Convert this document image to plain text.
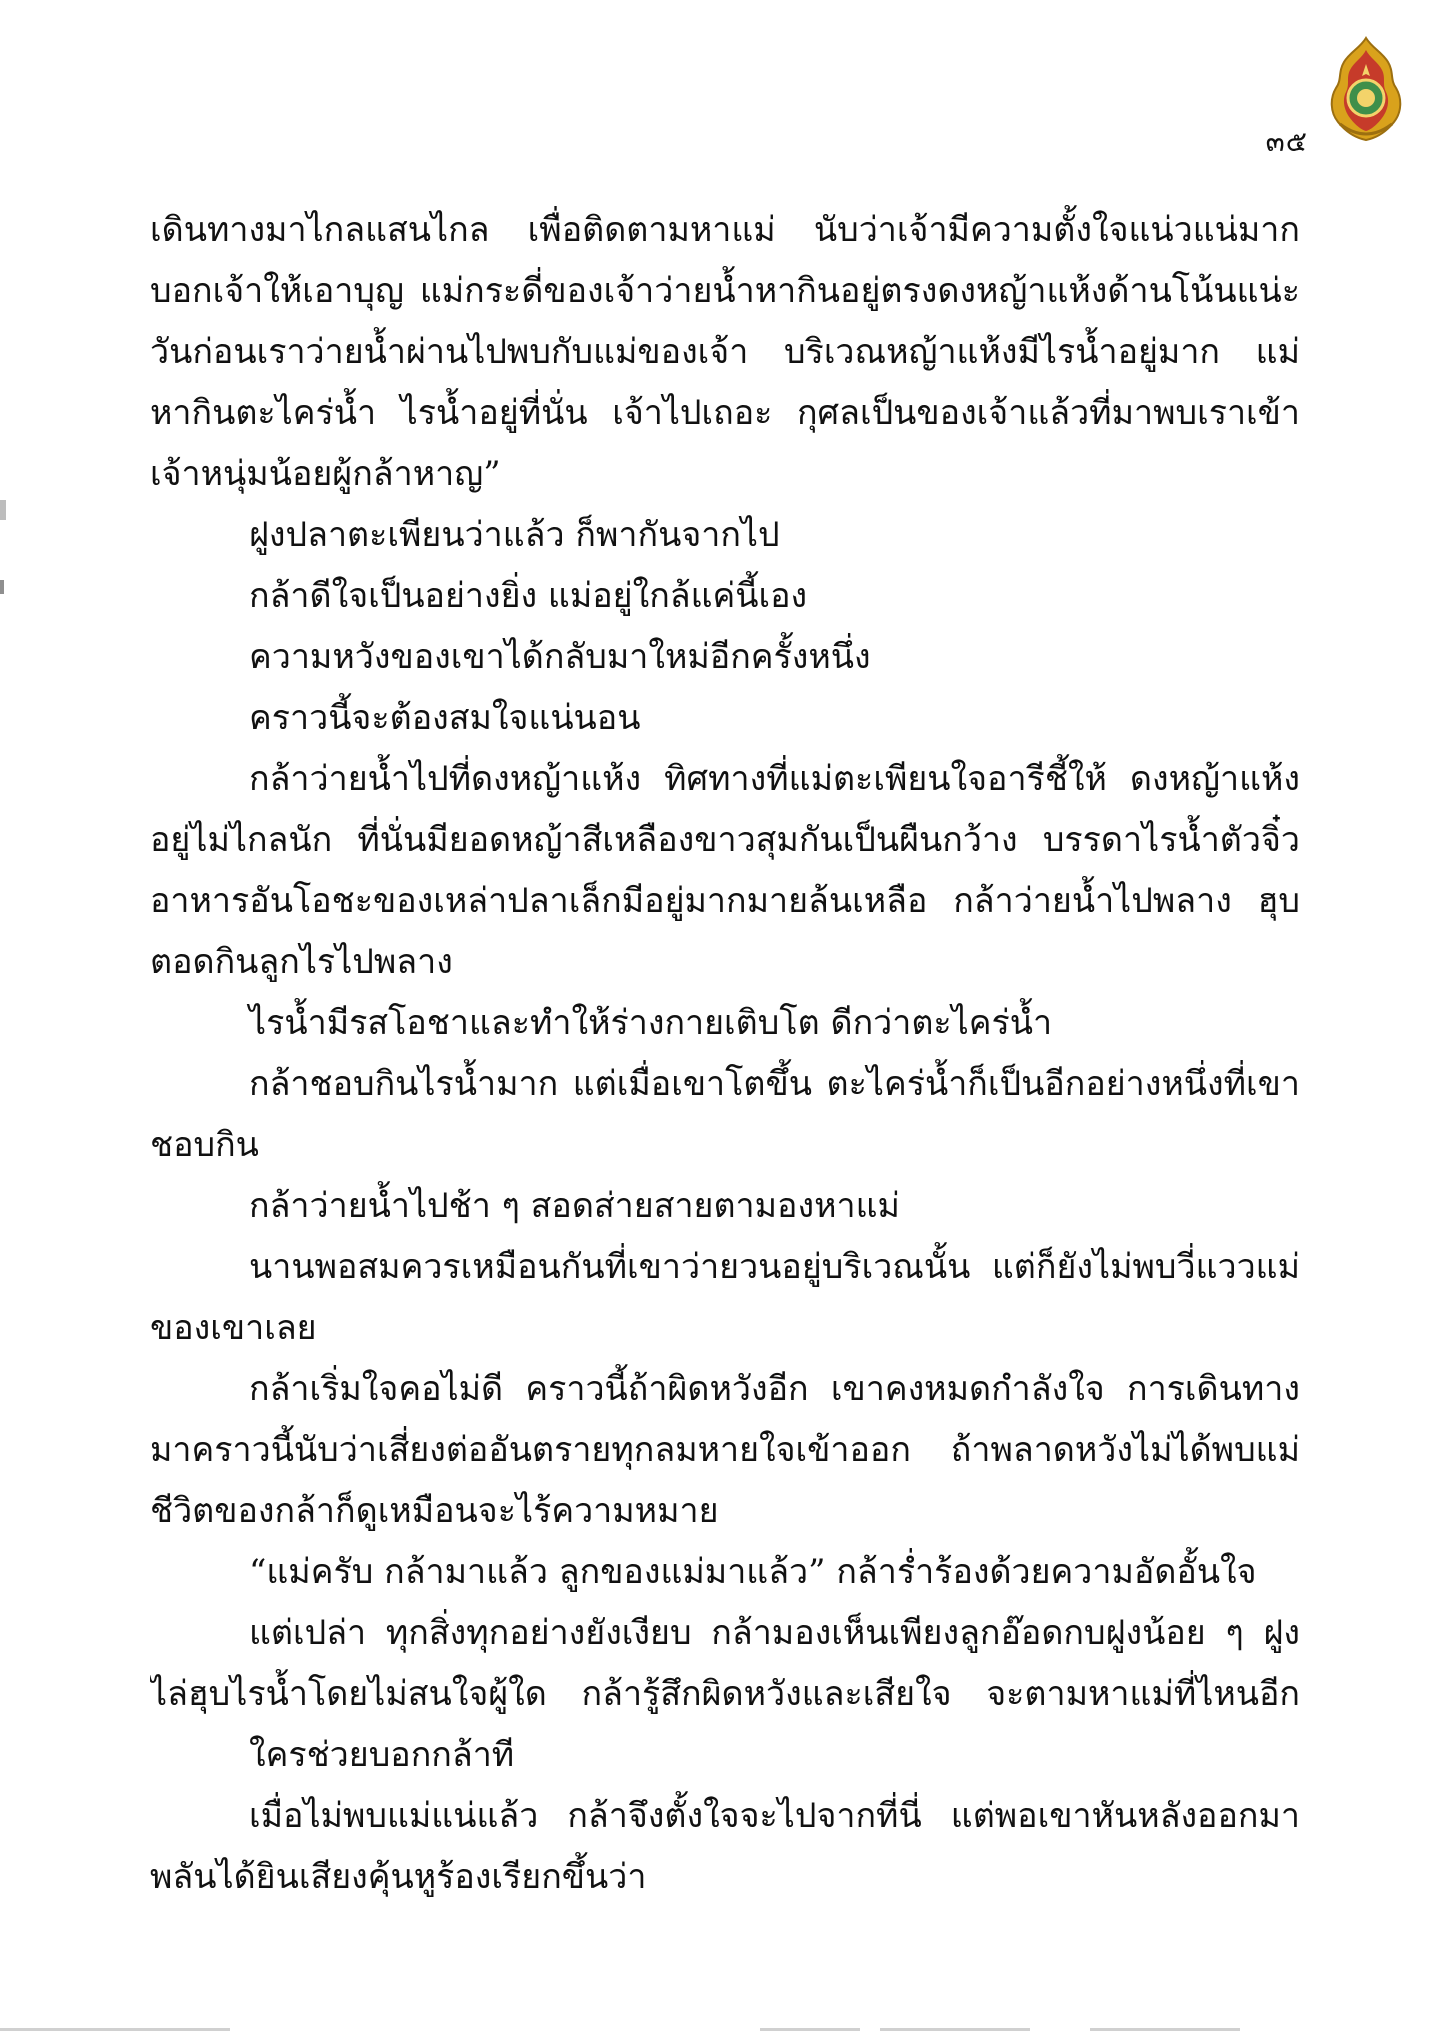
๓๕
เดินทางมาไกลแสนไกล เพื่อติดตามหาแม่ นับว่าเจ้ามีความตั้งใจแน่วแน่มาก
บอกเจ้าให้เอาบุญ แม่กระดี่ของเจ้าว่ายน้ำหากินอยู่ตรงดงหญ้าแห้งด้านโน้นแน่ะ
วันก่อนเราว่ายน้ำผ่านไปพบกับแม่ของเจ้า บริเวณหญ้าแห้งมีไรน้ำอยู่มาก แม่
หากินตะไคร่น้ำ ไรน้ำอยู่ที่นั่น เจ้าไปเถอะ กุศลเป็นของเจ้าแล้วที่มาพบเราเข้า
เจ้าหนุ่มน้อยผู้กล้าหาญ”
ฝูงปลาตะเพียนว่าแล้ว ก็พากันจากไป
กล้าดีใจเป็นอย่างยิ่ง แม่อยู่ใกล้แค่นี้เอง
ความหวังของเขาได้กลับมาใหม่อีกครั้งหนึ่ง
คราวนี้จะต้องสมใจแน่นอน
กล้าว่ายน้ำไปที่ดงหญ้าแห้ง ทิศทางที่แม่ตะเพียนใจอารีชี้ให้ ดงหญ้าแห้ง
อยู่ไม่ไกลนัก ที่นั่นมียอดหญ้าสีเหลืองขาวสุมกันเป็นผืนกว้าง บรรดาไรน้ำตัวจิ๋ว
อาหารอันโอชะของเหล่าปลาเล็กมีอยู่มากมายล้นเหลือ กล้าว่ายน้ำไปพลาง ฮุบ
ตอดกินลูกไรไปพลาง
ไรน้ำมีรสโอชาและทำให้ร่างกายเติบโต ดีกว่าตะไคร่น้ำ
กล้าชอบกินไรน้ำมาก แต่เมื่อเขาโตขึ้น ตะไคร่น้ำก็เป็นอีกอย่างหนึ่งที่เขา
ชอบกิน
กล้าว่ายน้ำไปช้า ๆ สอดส่ายสายตามองหาแม่
นานพอสมควรเหมือนกันที่เขาว่ายวนอยู่บริเวณนั้น แต่ก็ยังไม่พบวี่แววแม่
ของเขาเลย
กล้าเริ่มใจคอไม่ดี คราวนี้ถ้าผิดหวังอีก เขาคงหมดกำลังใจ การเดินทาง
มาคราวนี้นับว่าเสี่ยงต่ออันตรายทุกลมหายใจเข้าออก ถ้าพลาดหวังไม่ได้พบแม่
ชีวิตของกล้าก็ดูเหมือนจะไร้ความหมาย
“แม่ครับ กล้ามาแล้ว ลูกของแม่มาแล้ว” กล้าร่ำร้องด้วยความอัดอั้นใจ
แต่เปล่า ทุกสิ่งทุกอย่างยังเงียบ กล้ามองเห็นเพียงลูกอ๊อดกบฝูงน้อย ๆ ฝูง
ไล่ฮุบไรน้ำโดยไม่สนใจผู้ใด กล้ารู้สึกผิดหวังและเสียใจ จะตามหาแม่ที่ไหนอีก
ใครช่วยบอกกล้าที
เมื่อไม่พบแม่แน่แล้ว กล้าจึงตั้งใจจะไปจากที่นี่ แต่พอเขาหันหลังออกมา
พลันได้ยินเสียงคุ้นหูร้องเรียกขึ้นว่า
